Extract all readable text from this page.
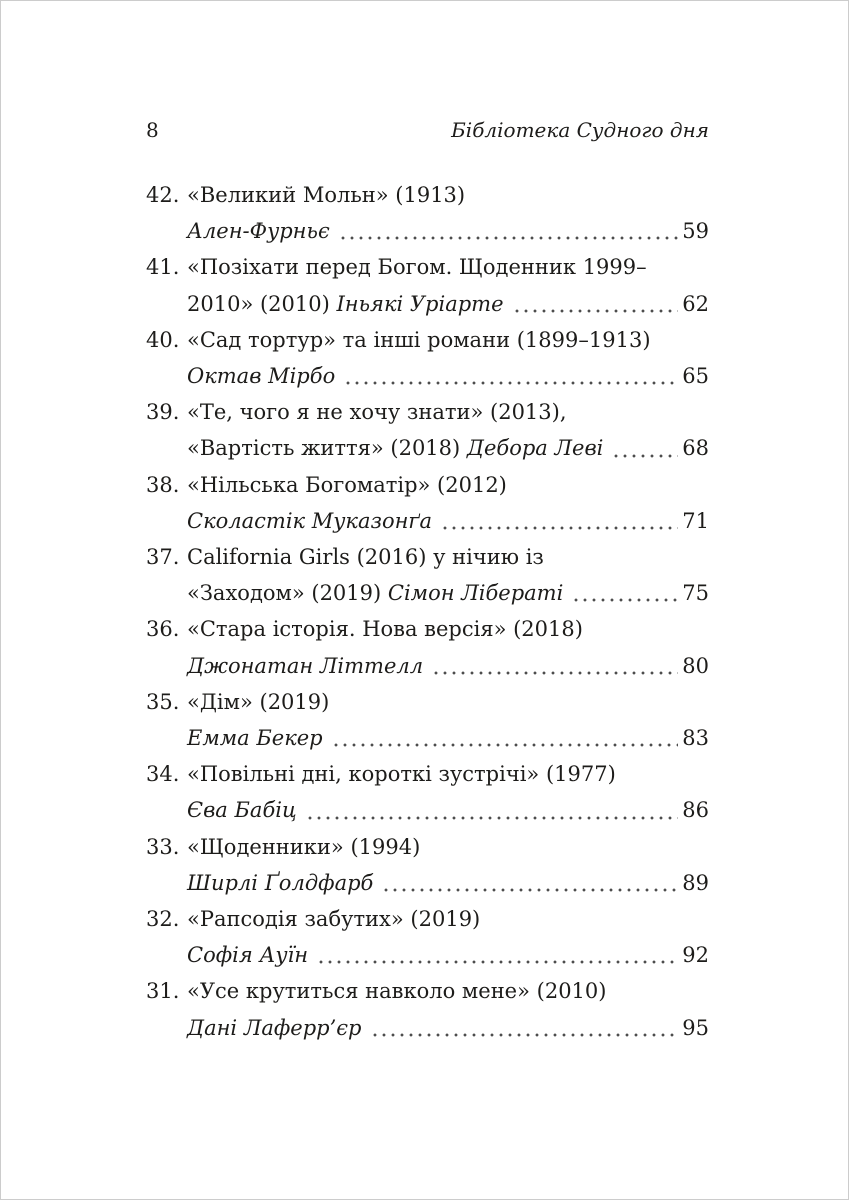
8	Бібліотека Судного дня
42. «Великий Мольн» (1913)
Ален-Фурньє	59
41. «Позіхати перед Богом. Щоденник 1999–
2010» (2010) Іньякі Уріарте	62
40. «Сад тортур» та інші романи (1899–1913)
Октав Мірбо	65
39. «Те, чого я не хочу знати» (2013),
«Вартість життя» (2018) Дебора Леві	68
38. «Нільська Богоматір» (2012)
Сколастік Муказонґа	71
37. California Girls (2016) у нічию із
«Заходом» (2019) Сімон Лібераті	75
36. «Стара історія. Нова версія» (2018)
Джонатан Літтелл	80
35. «Дім» (2019)
Емма Бекер	83
34. «Повільні дні, короткі зустрічі» (1977)
Єва Бабіц	86
33. «Щоденники» (1994)
Ширлі Ґолдфарб	89
32. «Рапсодія забутих» (2019)
Софія Ауїн	92
31. «Усе крутиться навколо мене» (2010)
Дані Лаферр’єр	95
